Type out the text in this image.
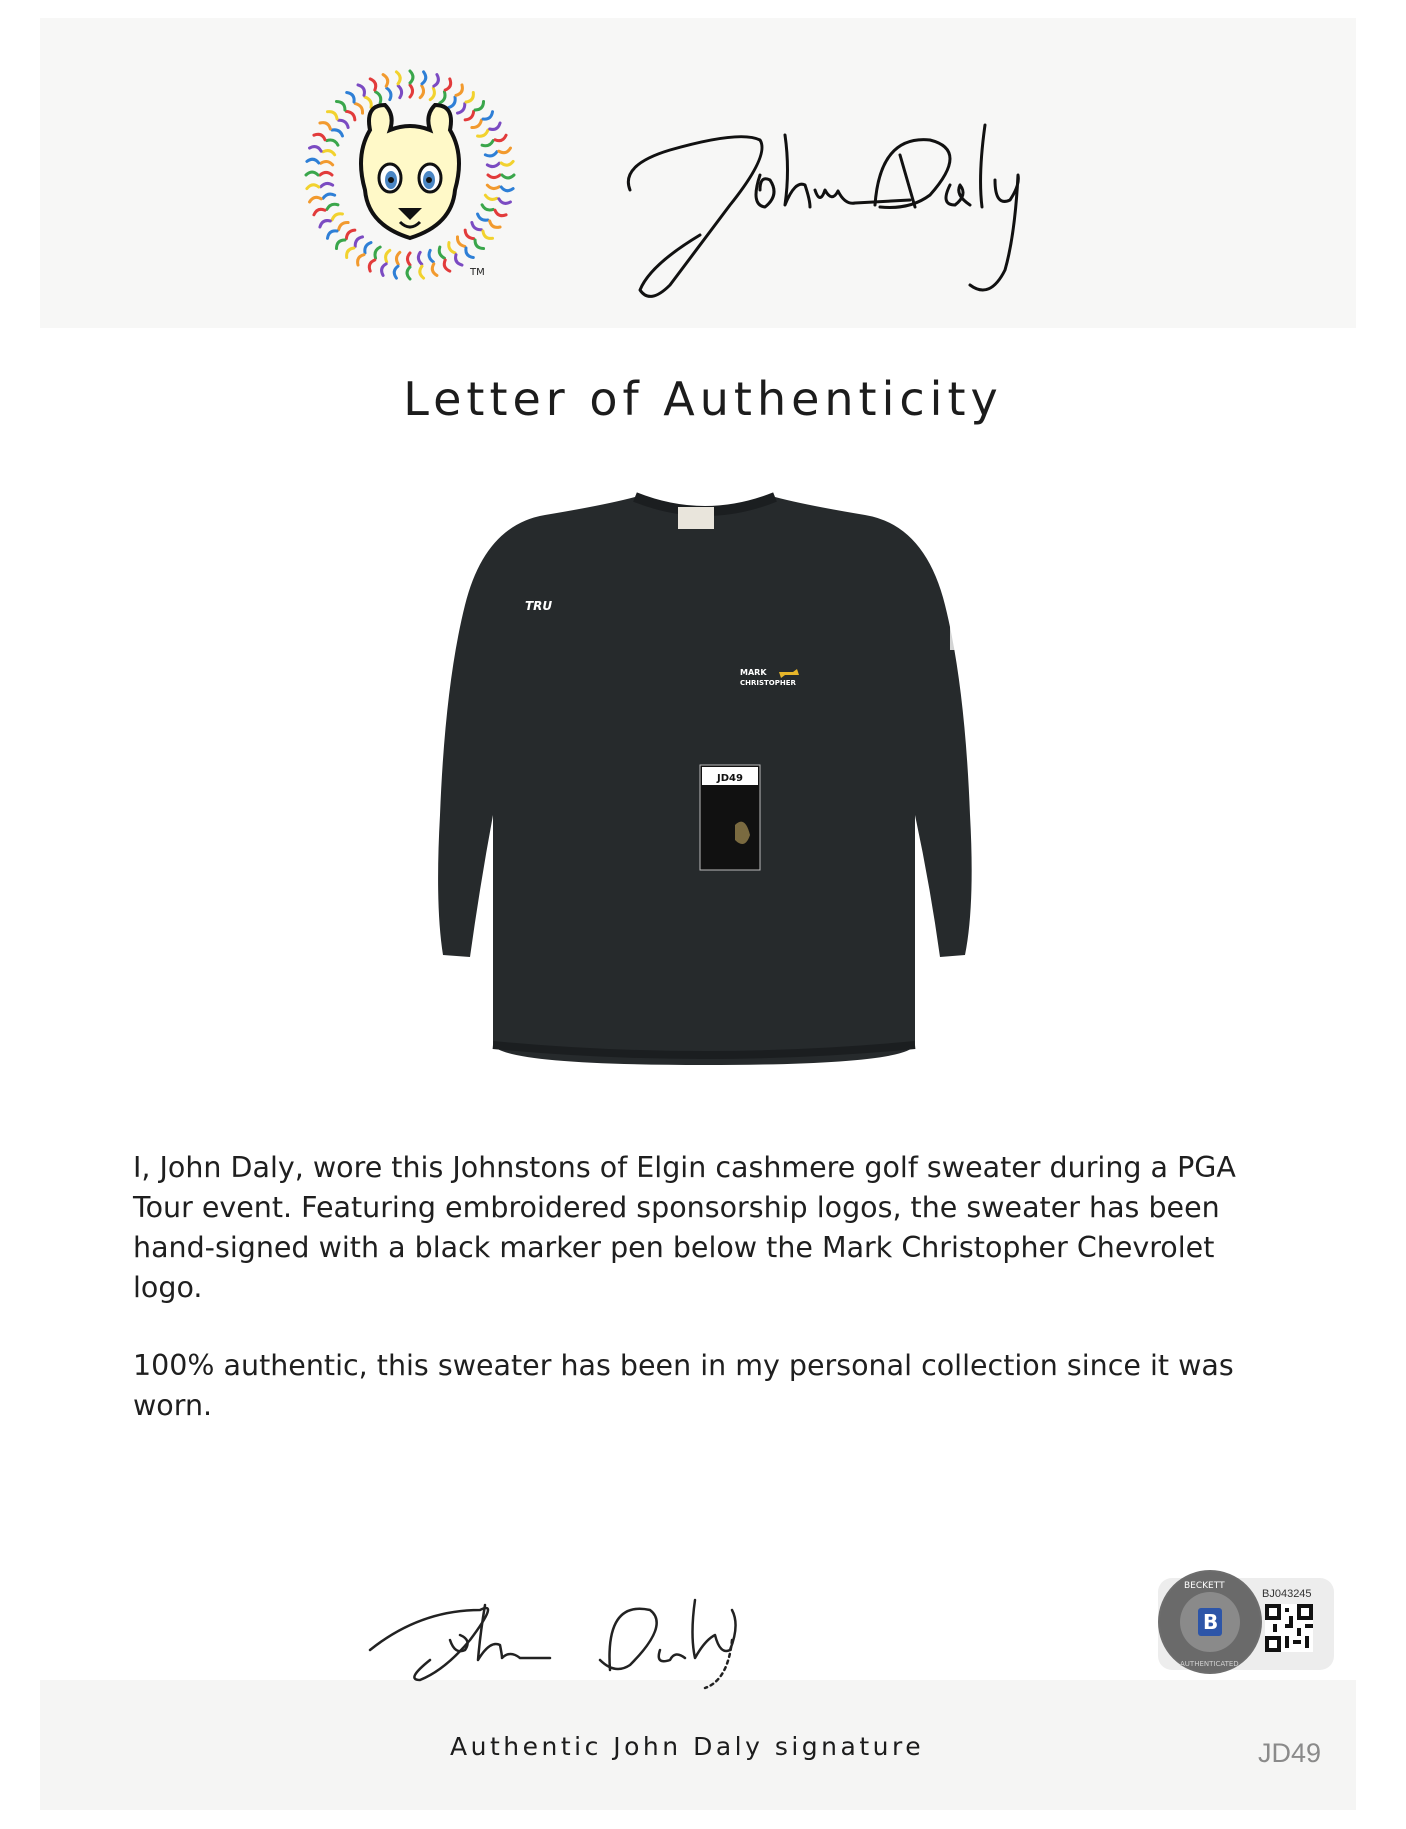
TM
Letter of Authenticity
MARK
CHRISTOPHER
TRU
JD49

I, John Daly, wore this Johnstons of Elgin cashmere golf sweater during a PGA Tour event. Featuring embroidered sponsorship logos, the sweater has been hand-signed with a black marker pen below the Mark Christopher Chevrolet logo.

100% authentic, this sweater has been in my personal collection since it was worn.

Authentic John Daly signature	JD49
B
BECKETT
AUTHENTICATED
BJ043245
